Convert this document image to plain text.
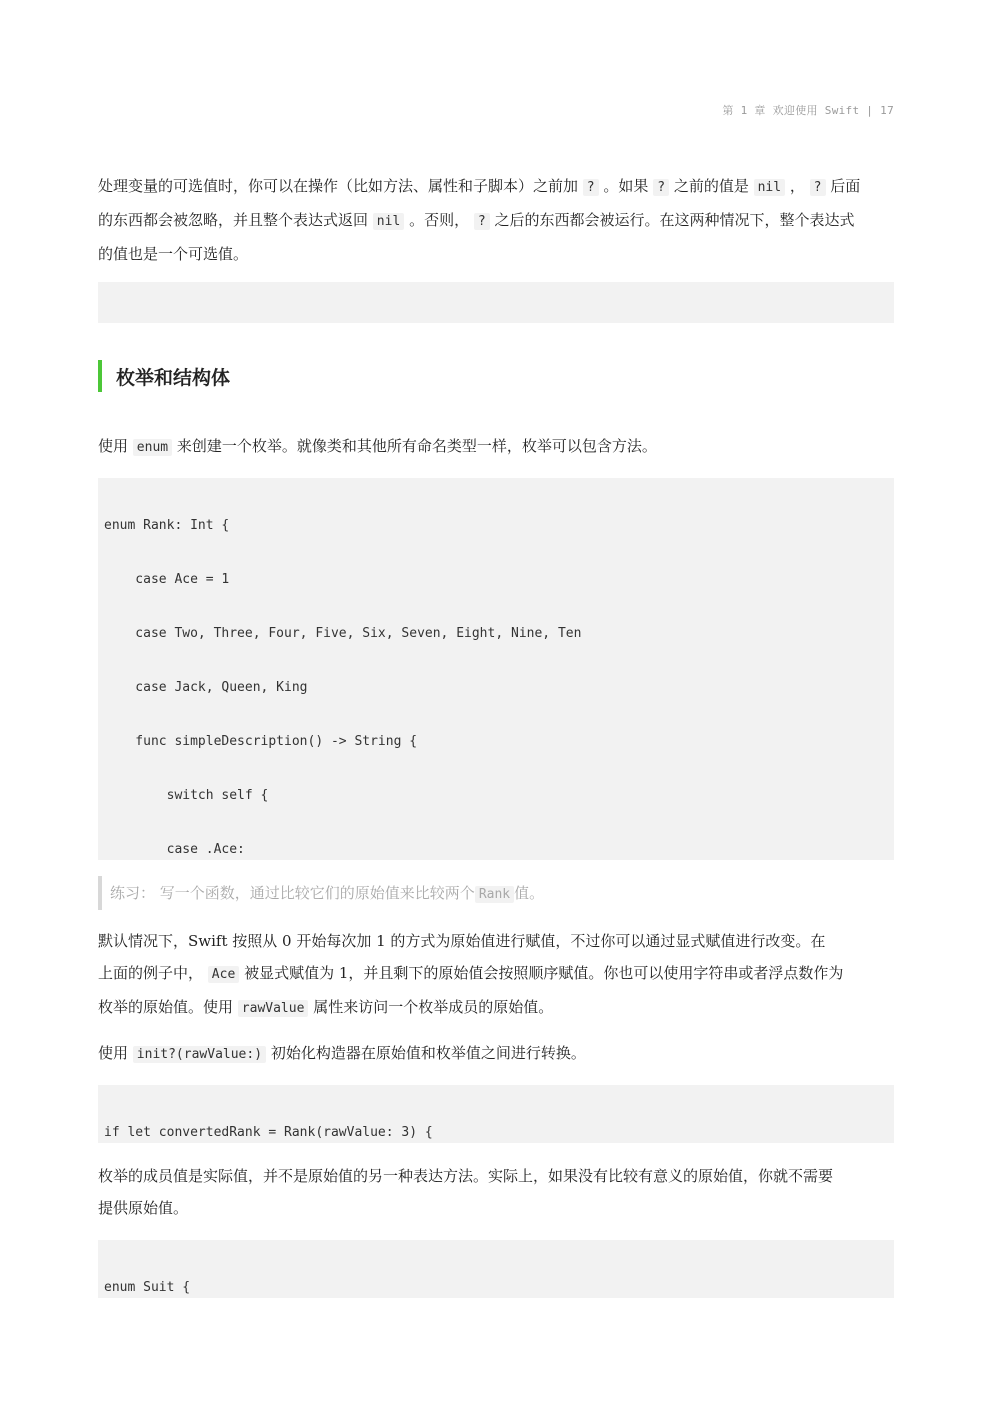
第 1 章 欢迎使用 Swift | 17
处理变量的可选值时，你可以在操作（比如方法、属性和子脚本）之前加 ? 。如果 ? 之前的值是 nil ， ? 后面
的东西都会被忽略，并且整个表达式返回 nil 。否则， ? 之后的东西都会被运行。在这两种情况下，整个表达式
的值也是一个可选值。

枚举和结构体
使用 enum 来创建一个枚举。就像类和其他所有命名类型一样，枚举可以包含方法。

enum Rank: Int {

case Ace = 1

case Two, Three, Four, Five, Six, Seven, Eight, Nine, Ten

case Jack, Queen, King

func simpleDescription() -> String {

switch self {

case .Ace:

练习： 写一个函数，通过比较它们的原始值来比较两个 Rank 值。
默认情况下，Swift 按照从 0 开始每次加 1 的方式为原始值进行赋值，不过你可以通过显式赋值进行改变。在
上面的例子中， Ace 被显式赋值为 1，并且剩下的原始值会按照顺序赋值。你也可以使用字符串或者浮点数作为
枚举的原始值。使用 rawValue 属性来访问一个枚举成员的原始值。
使用 init?(rawValue:) 初始化构造器在原始值和枚举值之间进行转换。

if let convertedRank = Rank(rawValue: 3) {

枚举的成员值是实际值，并不是原始值的另一种表达方法。实际上，如果没有比较有意义的原始值，你就不需要
提供原始值。

enum Suit {
